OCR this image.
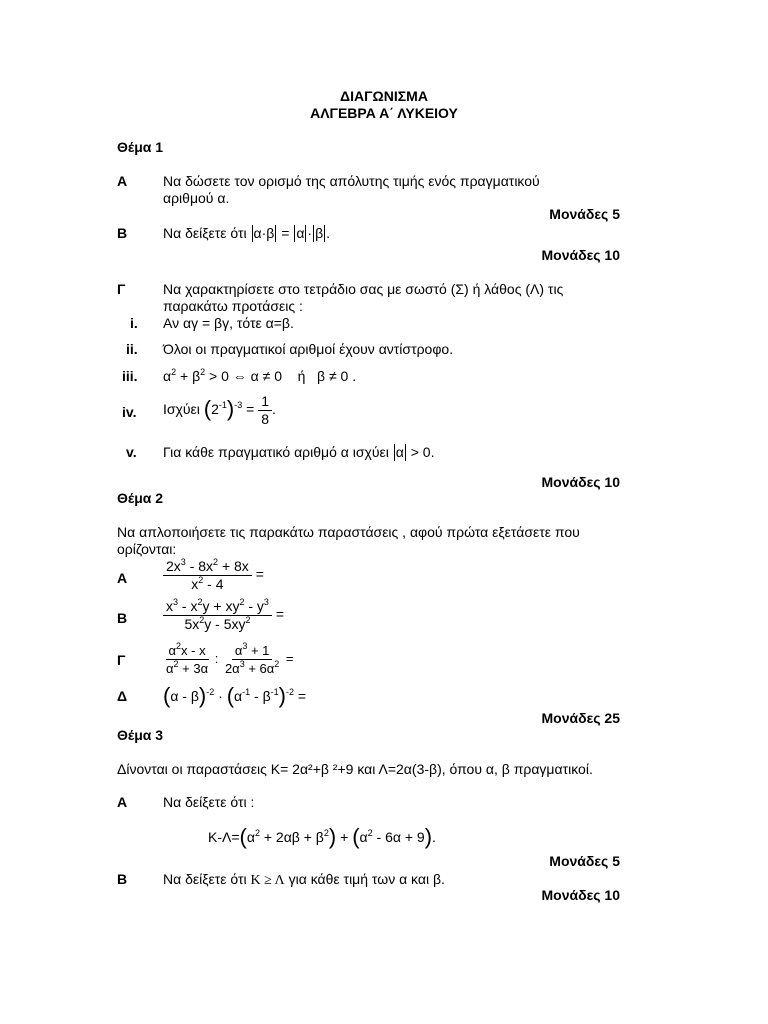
ΔΙΑΓΩΝΙΣΜΑ
ΑΛΓΕΒΡΑ Α΄ ΛΥΚΕΙΟΥ
Θέμα 1
Α	Να δώσετε τον ορισμό της απόλυτης τιμής ενός πραγματικού
αριθμού α.
Μονάδες 5
Β	Να δείξετε ότι α·β = α · β .
Μονάδες 10
Γ	Να χαρακτηρίσετε στο τετράδιο σας με σωστό (Σ) ή λάθος (Λ) τις
παρακάτω προτάσεις :
i. Αν αγ = βγ, τότε α=β.
ii. Όλοι οι πραγματικοί αριθμοί έχουν αντίστροφο.
iii. $\alpha^2 + \beta^2 > 0$ ⇔ α ≠ 0    ή   β ≠ 0 .
iv. Ισχύει $(2^{-1})^{-3} = \frac{1}{8}$ .
v. Για κάθε πραγματικό αριθμό α ισχύει α > 0.
Μονάδες 10
Θέμα 2
Να απλοποιήσετε τις παρακάτω παραστάσεις , αφού πρώτα εξετάσετε που
ορίζονται:
Α	$\frac{2x^3 - 8x^2 + 8x}{x^2 - 4}$ =
Β	$\frac{x^3 - x^2y + xy^2 - y^3}{5x^2y - 5xy^2}$ =
Γ	$\frac{\alpha^2x - x}{\alpha^2 + 3\alpha}$ : $\frac{\alpha^3 + 1}{2\alpha^3 + 6\alpha^2}$ =
Δ $(\alpha - \beta)^{-2} \cdot (\alpha^{-1} - \beta^{-1})^{-2}$ =
Μονάδες 25
Θέμα 3
Δίνονται οι παραστάσεις Κ= 2α²+β ²+9 και Λ=2α(3-β), όπου α, β πραγματικοί.
Α	Να δείξετε ότι :
$K-\Lambda=(\alpha^2 + 2\alpha\beta + \beta^2) + (\alpha^2 - 6\alpha + 9)$.
Μονάδες 5
Β	Να δείξετε ότι Κ ≥ Λ για κάθε τιμή των α και β.
Μονάδες 10
